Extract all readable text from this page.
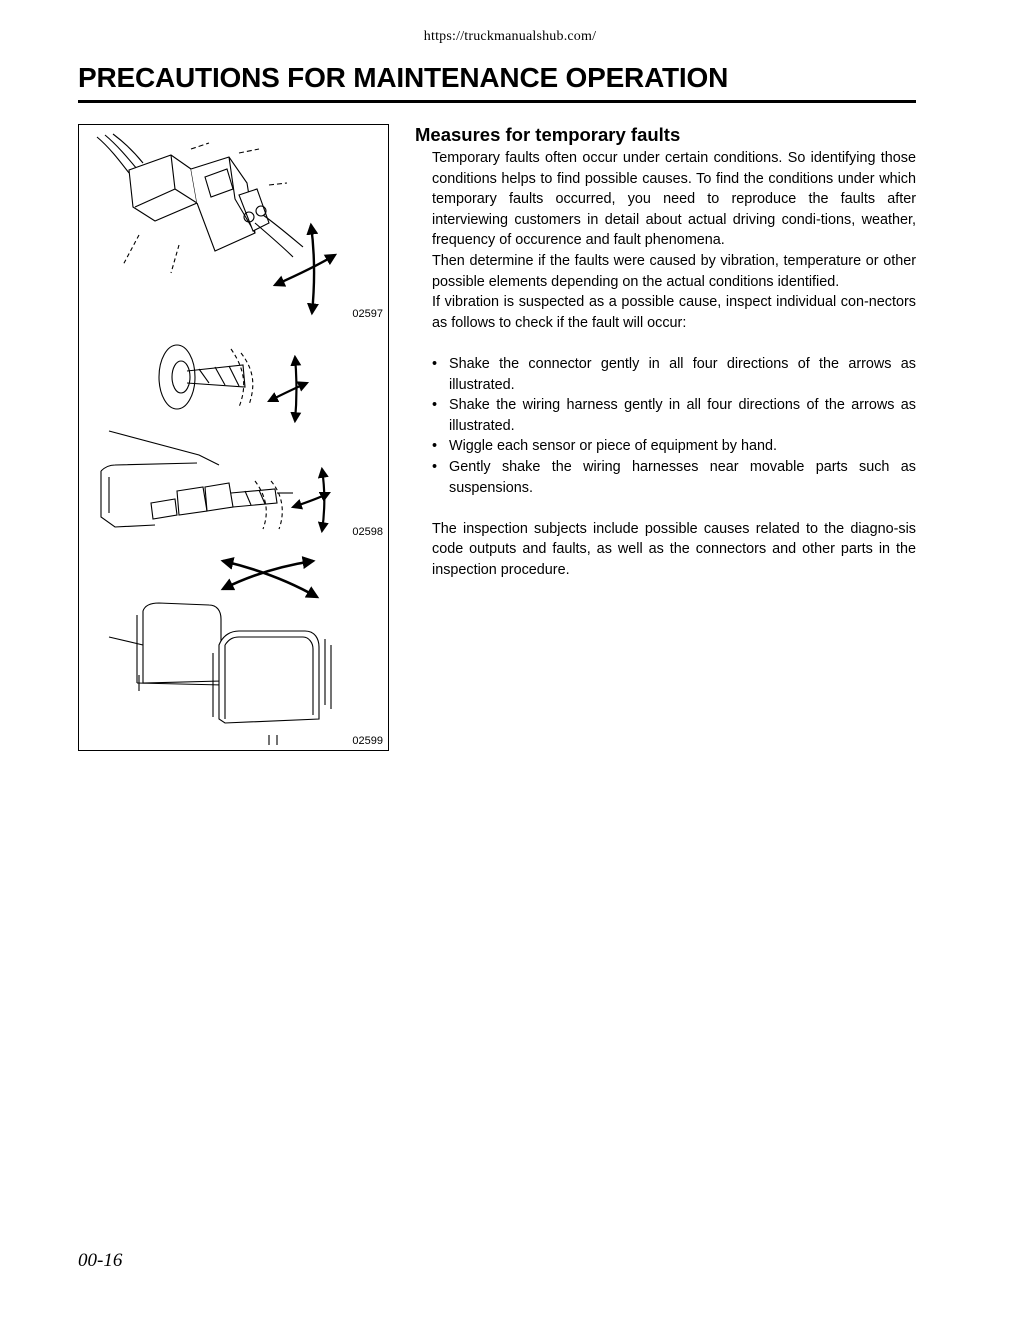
https://truckmanualshub.com/
PRECAUTIONS FOR MAINTENANCE OPERATION
02597
02598
02599
Measures for temporary faults

Temporary faults often occur under certain conditions. So identifying those conditions helps to find possible causes. To find the conditions under which temporary faults occurred, you need to reproduce the faults after interviewing customers in detail about actual driving condi-tions, weather, frequency of occurence and fault phenomena.

Then determine if the faults were caused by vibration, temperature or other possible elements depending on the actual conditions identified.

If vibration is suspected as a possible cause, inspect individual con-nectors as follows to check if the fault will occur:

• Shake the connector gently in all four directions of the arrows as illustrated.
• Shake the wiring harness gently in all four directions of the arrows as illustrated.
• Wiggle each sensor or piece of equipment by hand.
• Gently shake the wiring harnesses near movable parts such as suspensions.

The inspection subjects include possible causes related to the diagno-sis code outputs and faults, as well as the connectors and other parts in the inspection procedure.

00-16
